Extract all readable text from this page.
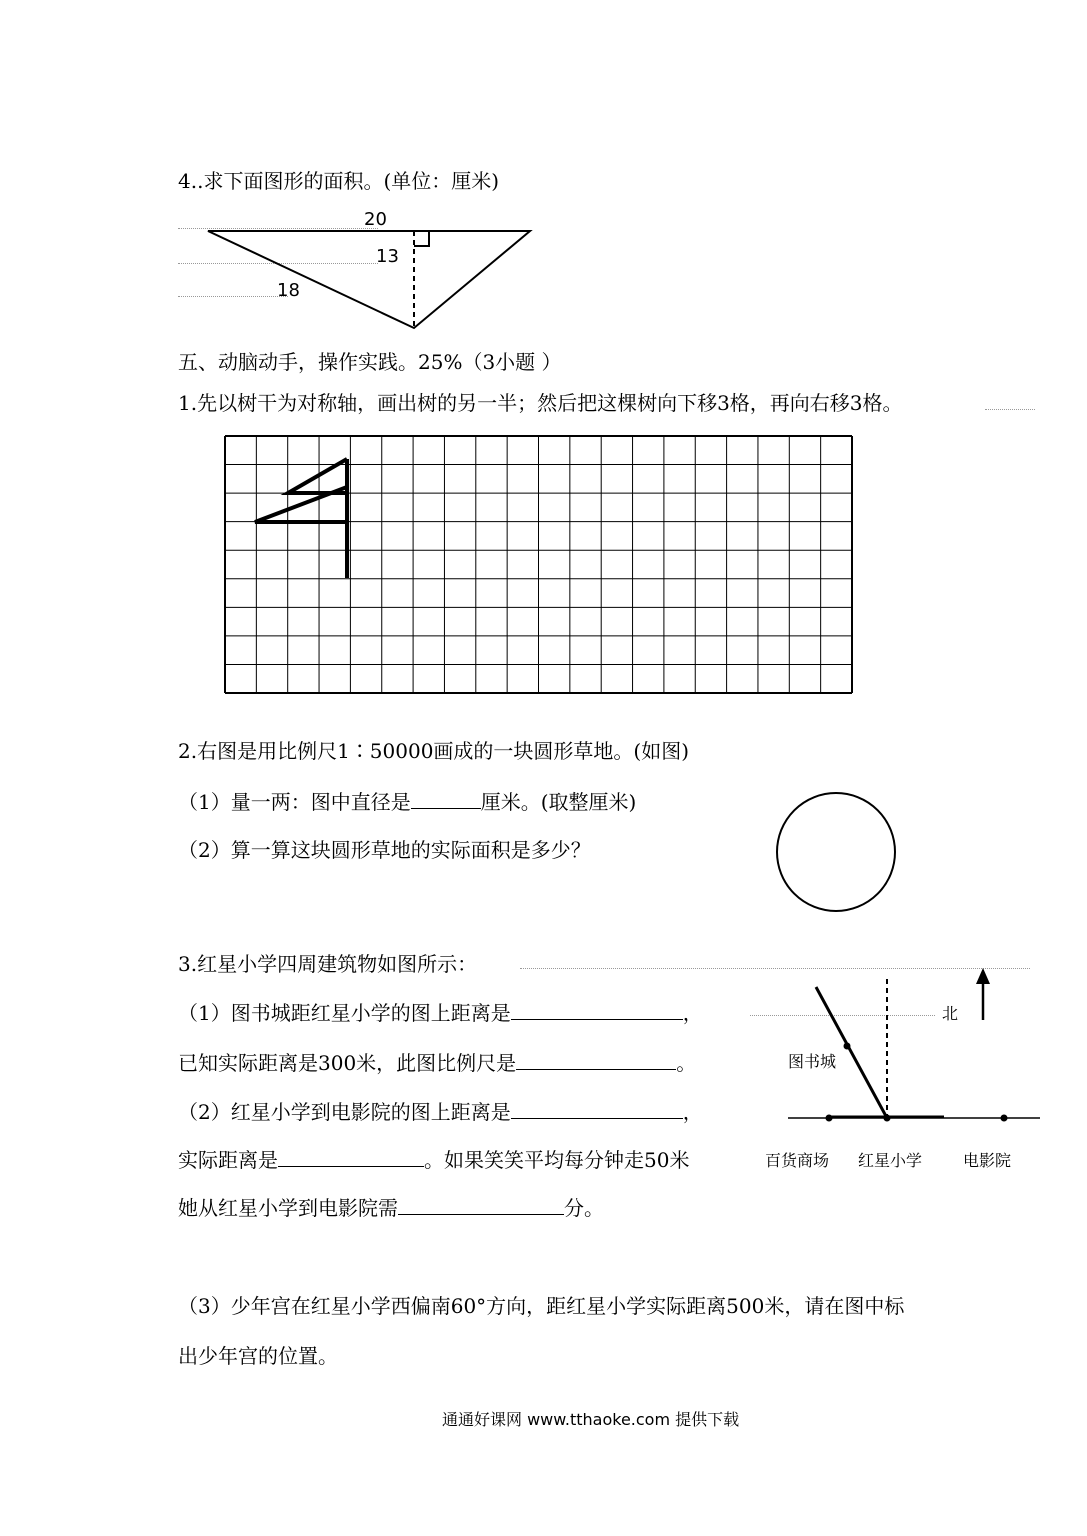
4..求下面图形的面积。(单位：厘米)
20
13
18
五、动脑动手，操作实践。25%（3小题 ）
1.先以树干为对称轴，画出树的另一半；然后把这棵树向下移3格，再向右移3格。
2.右图是用比例尺1∶50000画成的一块圆形草地。(如图)
（1）量一两：图中直径是	厘米。(取整厘米)
（2）算一算这块圆形草地的实际面积是多少？
3.红星小学四周建筑物如图所示：
（1）图书城距红星小学的图上距离是	，
已知实际距离是300米，此图比例尺是	。
（2）红星小学到电影院的图上距离是	，
实际距离是	。如果笑笑平均每分钟走50米
她从红星小学到电影院需	分。
（3）少年宫在红星小学西偏南60°方向，距红星小学实际距离500米，请在图中标
出少年宫的位置。
北
图书城
百货商场 红星小学	电影院
通通好课网 www.tthaoke.com 提供下载
